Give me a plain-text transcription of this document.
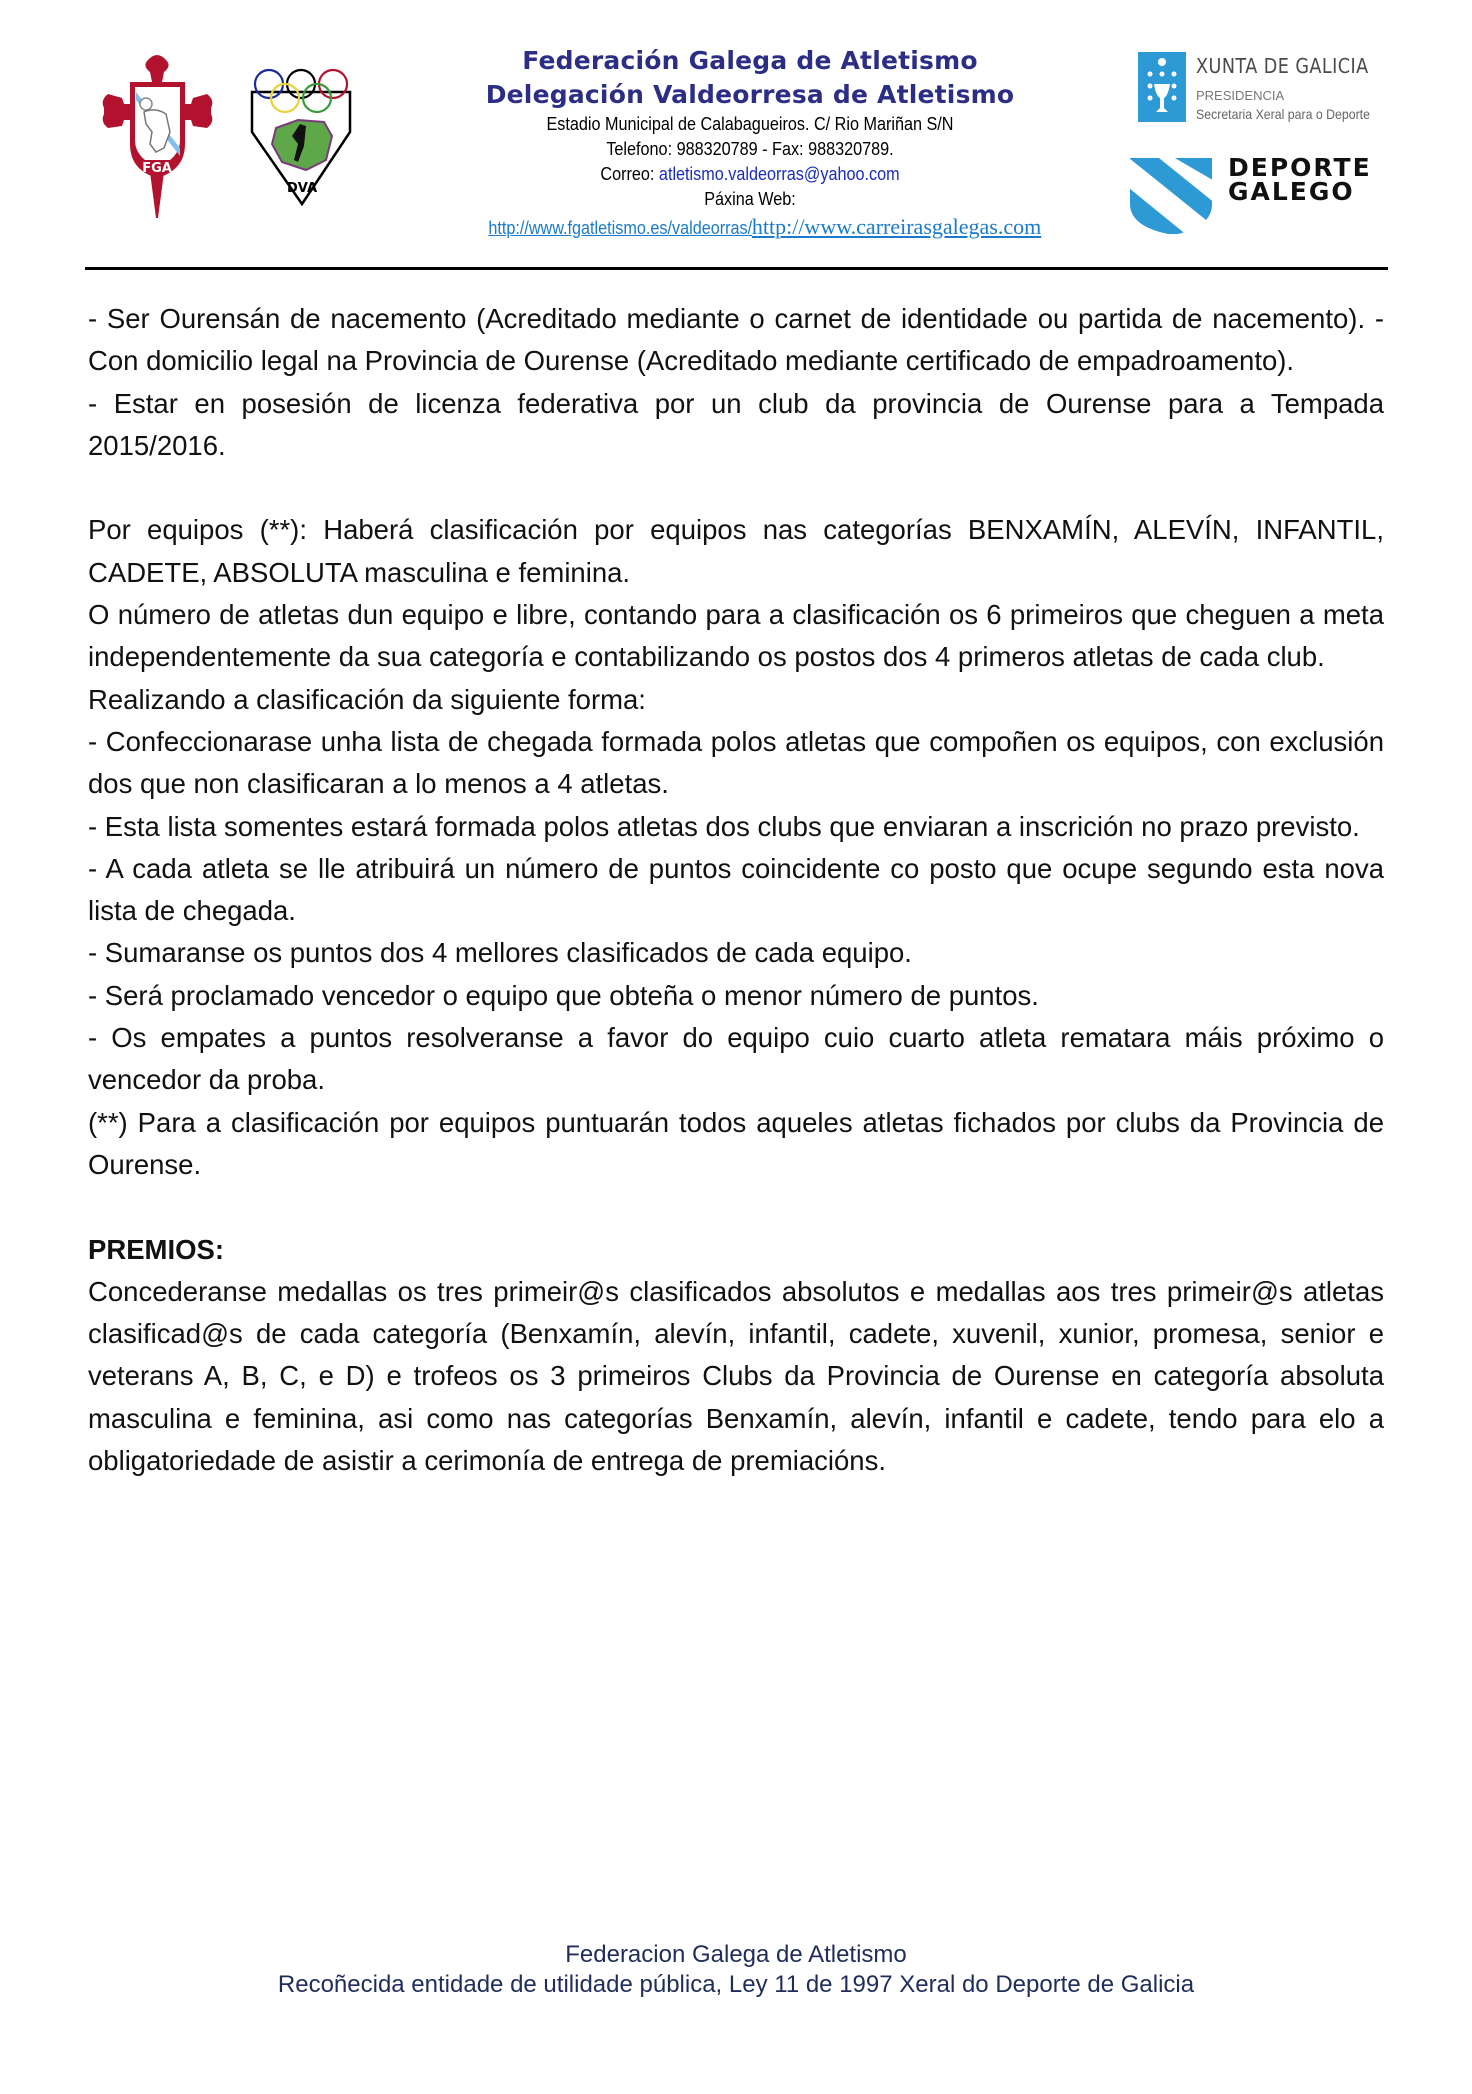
FGA
DVA
Federación Galega de Atletismo
Delegación Valdeorresa de Atletismo
Estadio Municipal de Calabagueiros. C/ Rio Mariñan S/N
Telefono: 988320789 - Fax: 988320789.
Correo: atletismo.valdeorras@yahoo.com
Páxina Web:
http://www.fgatletismo.es/valdeorras/http://www.carreirasgalegas.com
XUNTA DE GALICIA
PRESIDENCIA
Secretaria Xeral para o Deporte
DEPORTE
GALEGO

- Ser Ourensán de nacemento (Acreditado mediante o carnet de identidade ou partida de nacemento). - Con domicilio legal na Provincia de Ourense (Acreditado mediante certificado de empadroamento).

- Estar en posesión de licenza federativa por un club da provincia de Ourense para a Tempada 2015/2016.

Por equipos (**): Haberá clasificación por equipos nas categorías BENXAMÍN, ALEVÍN, INFANTIL, CADETE, ABSOLUTA masculina e feminina.

O número de atletas dun equipo e libre, contando para a clasificación os 6 primeiros que cheguen a meta independentemente da sua categoría e contabilizando os postos dos 4 primeros atletas de cada club.

Realizando a clasificación da siguiente forma:

- Confeccionarase unha lista de chegada formada polos atletas que compoñen os equipos, con exclusión dos que non clasificaran a lo menos a 4 atletas.

- Esta lista somentes estará formada polos atletas dos clubs que enviaran a inscrición no prazo previsto.

- A cada atleta se lle atribuirá un número de puntos coincidente co posto que ocupe segundo esta nova lista de chegada.

- Sumaranse os puntos dos 4 mellores clasificados de cada equipo.

- Será proclamado vencedor o equipo que obteña o menor número de puntos.

- Os empates a puntos resolveranse a favor do equipo cuio cuarto atleta rematara máis próximo o vencedor da proba.

(**) Para a clasificación por equipos puntuarán todos aqueles atletas fichados por clubs da Provincia de Ourense.

PREMIOS:

Concederanse medallas os tres primeir@s clasificados absolutos e medallas aos tres primeir@s atletas clasificad@s de cada categoría (Benxamín, alevín, infantil, cadete, xuvenil, xunior, promesa, senior e veterans A, B, C, e D) e trofeos os 3 primeiros Clubs da Provincia de Ourense en categoría absoluta masculina e feminina, asi como nas categorías Benxamín, alevín, infantil e cadete, tendo para elo a obligatoriedade de asistir a cerimonía de entrega de premiacións.

Federacion Galega de Atletismo
Recoñecida entidade de utilidade pública, Ley 11 de 1997 Xeral do Deporte de Galicia
